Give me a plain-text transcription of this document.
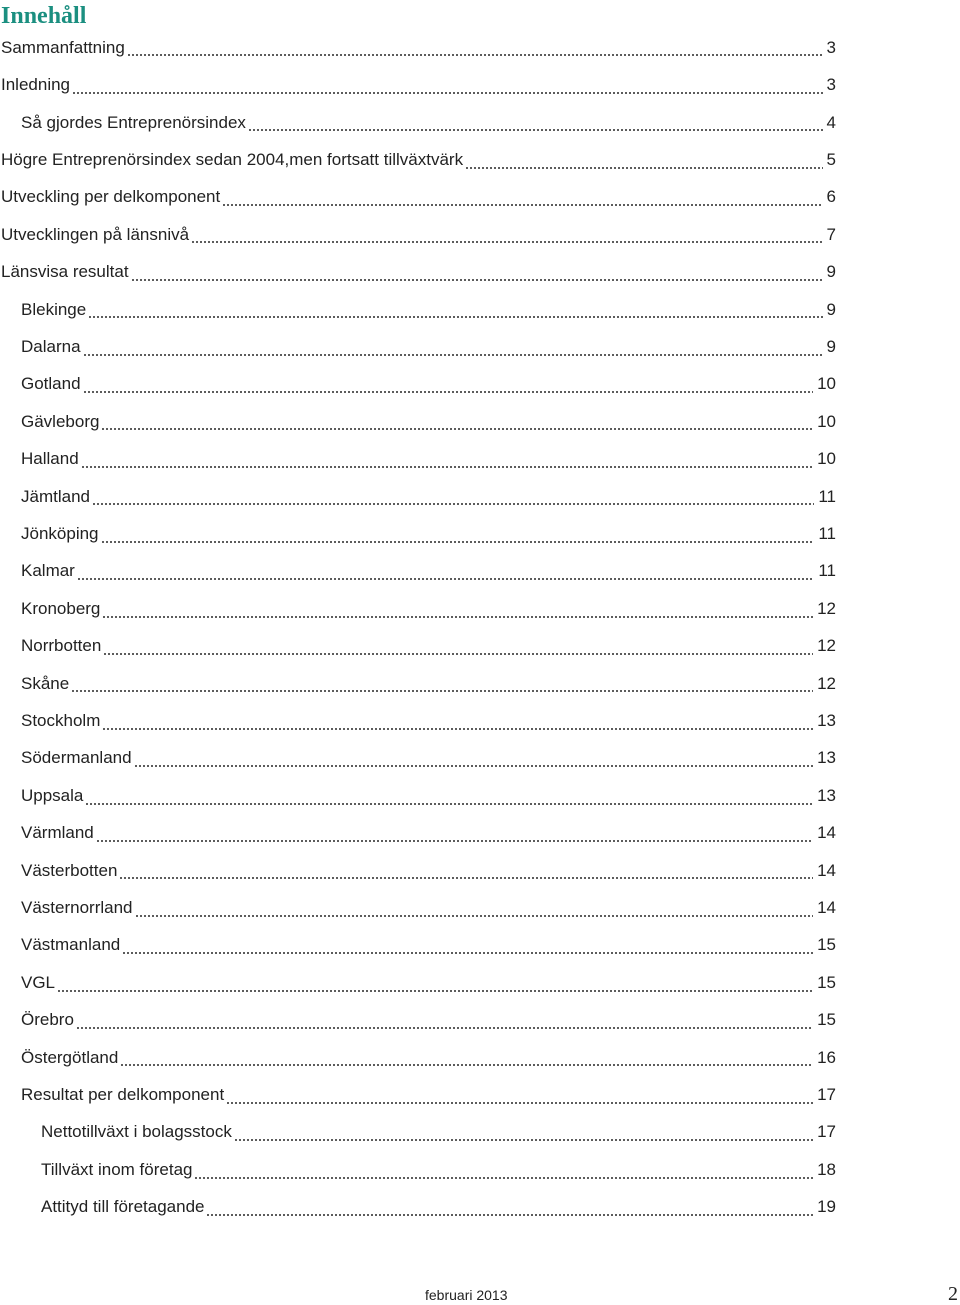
Innehåll
Sammanfattning	3
Inledning	3
Så gjordes Entreprenörsindex	4
Högre Entreprenörsindex sedan 2004,men fortsatt tillväxtvärk	5
Utveckling per delkomponent	6
Utvecklingen på länsnivå	7
Länsvisa resultat	9
Blekinge	9
Dalarna	9
Gotland	10
Gävleborg	10
Halland	10
Jämtland	11
Jönköping	11
Kalmar	11
Kronoberg	12
Norrbotten	12
Skåne	12
Stockholm	13
Södermanland	13
Uppsala	13
Värmland	14
Västerbotten	14
Västernorrland	14
Västmanland	15
VGL	15
Örebro	15
Östergötland	16
Resultat per delkomponent	17
Nettotillväxt i bolagsstock	17
Tillväxt inom företag	18
Attityd till företagande	19
februari 2013	2
